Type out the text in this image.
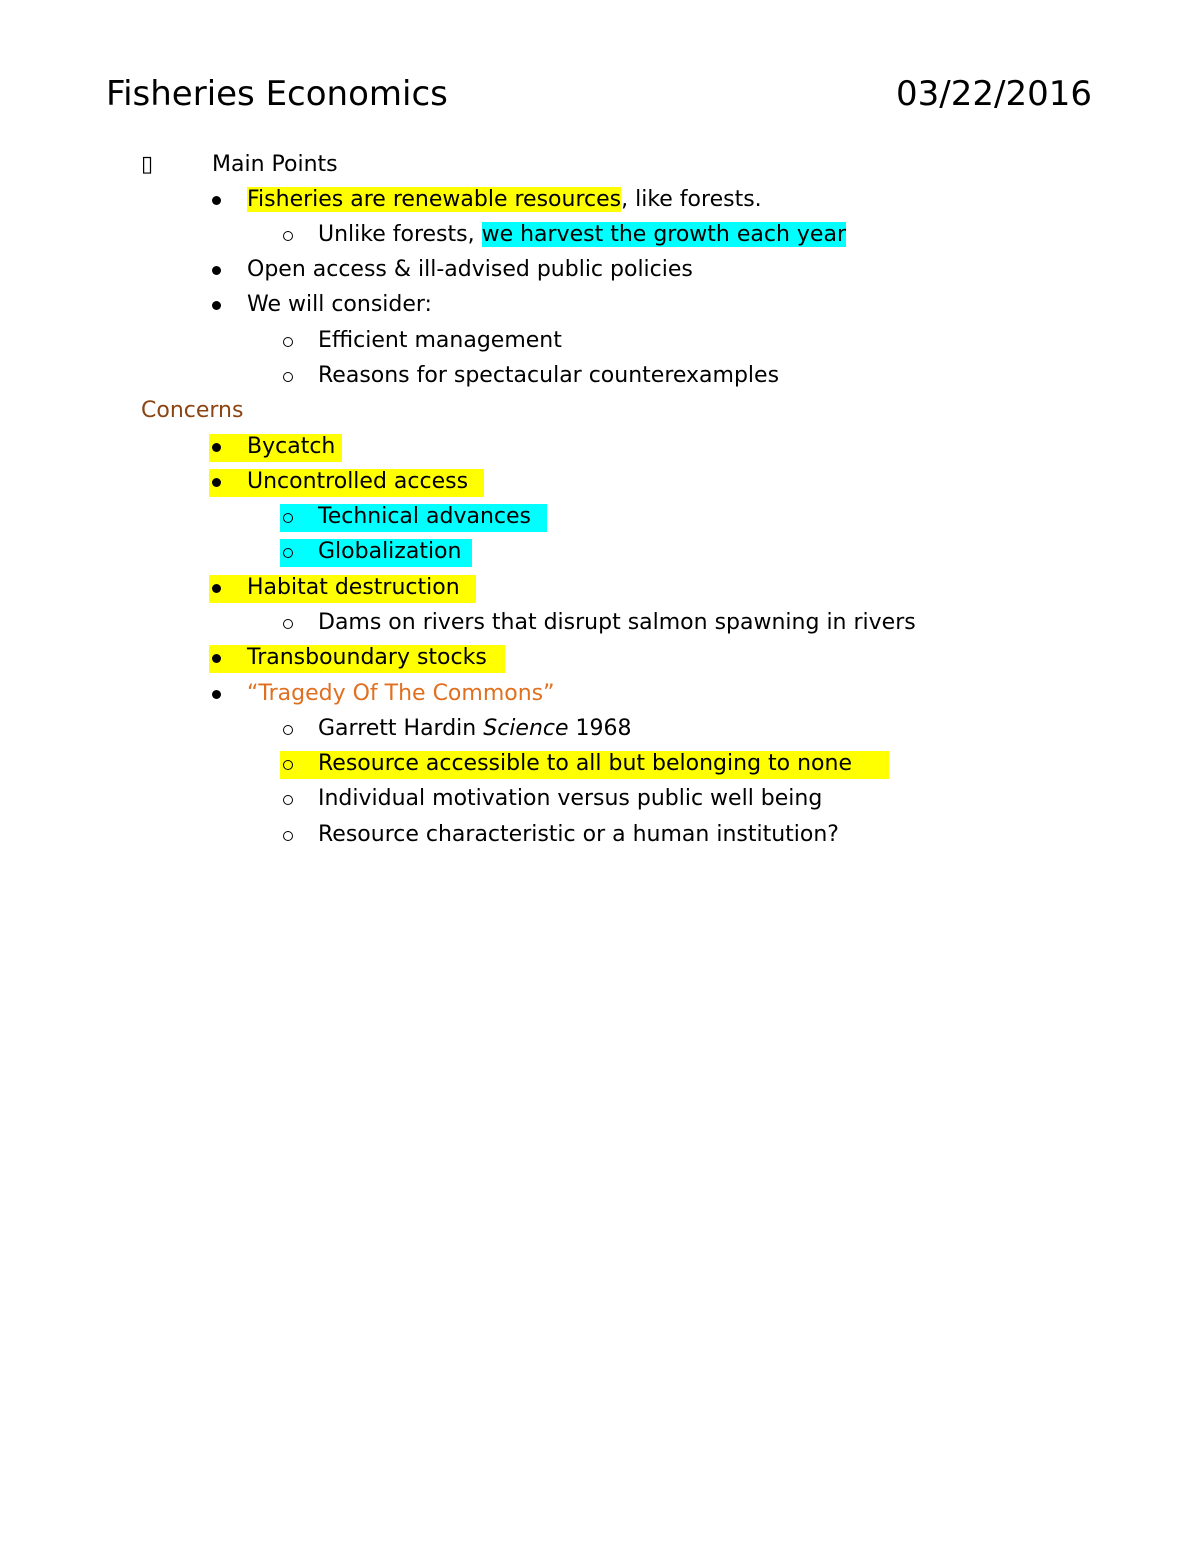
Fisheries Economics	03/22/2016
▯	Main Points
Fisheries are renewable resources, like forests.
Unlike forests, we harvest the growth each year
Open access & ill-advised public policies
We will consider:
Efficient management
Reasons for spectacular counterexamples
Concerns
Bycatch
Uncontrolled access
Technical advances
Globalization
Habitat destruction
Dams on rivers that disrupt salmon spawning in rivers
Transboundary stocks
“Tragedy Of The Commons”
Garrett Hardin Science 1968
Resource accessible to all but belonging to none
Individual motivation versus public well being
Resource characteristic or a human institution?
